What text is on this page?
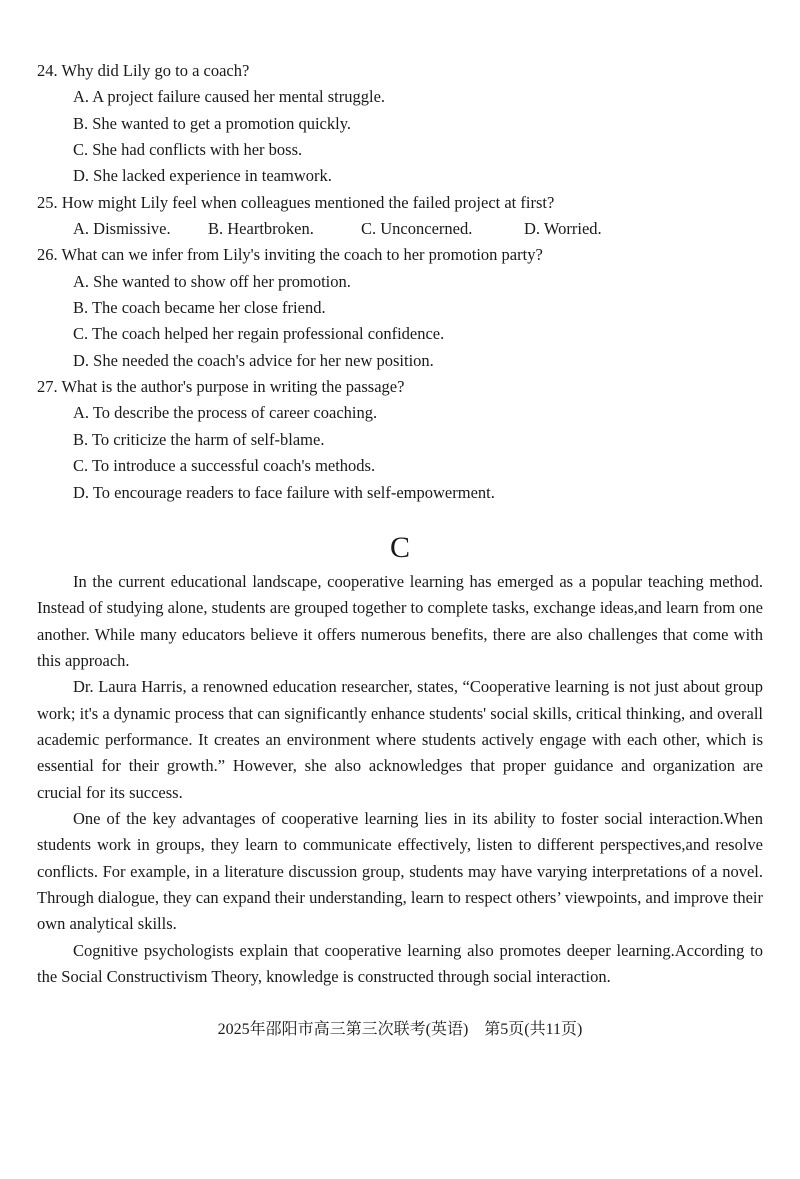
24. Why did Lily go to a coach?
A. A project failure caused her mental struggle.
B. She wanted to get a promotion quickly.
C. She had conflicts with her boss.
D. She lacked experience in teamwork.
25. How might Lily feel when colleagues mentioned the failed project at first?
A. Dismissive.	B. Heartbroken.	C. Unconcerned.	D. Worried.
26. What can we infer from Lily's inviting the coach to her promotion party?
A. She wanted to show off her promotion.
B. The coach became her close friend.
C. The coach helped her regain professional confidence.
D. She needed the coach's advice for her new position.
27. What is the author's purpose in writing the passage?
A. To describe the process of career coaching.
B. To criticize the harm of self-blame.
C. To introduce a successful coach's methods.
D. To encourage readers to face failure with self-empowerment.
C

In the current educational landscape, cooperative learning has emerged as a popular teaching method. Instead of studying alone, students are grouped together to complete tasks, exchange ideas,and learn from one another. While many educators believe it offers numerous benefits, there are also challenges that come with this approach.

Dr. Laura Harris, a renowned education researcher, states, “Cooperative learning is not just about group work; it's a dynamic process that can significantly enhance students' social skills, critical thinking, and overall academic performance. It creates an environment where students actively engage with each other, which is essential for their growth.” However, she also acknowledges that proper guidance and organization are crucial for its success.

One of the key advantages of cooperative learning lies in its ability to foster social interaction.When students work in groups, they learn to communicate effectively, listen to different perspectives,and resolve conflicts. For example, in a literature discussion group, students may have varying interpretations of a novel. Through dialogue, they can expand their understanding, learn to respect others’ viewpoints, and improve their own analytical skills.

Cognitive psychologists explain that cooperative learning also promotes deeper learning.According to the Social Constructivism Theory, knowledge is constructed through social interaction.

2025年邵阳市高三第三次联考(英语)　第5页(共11页)
